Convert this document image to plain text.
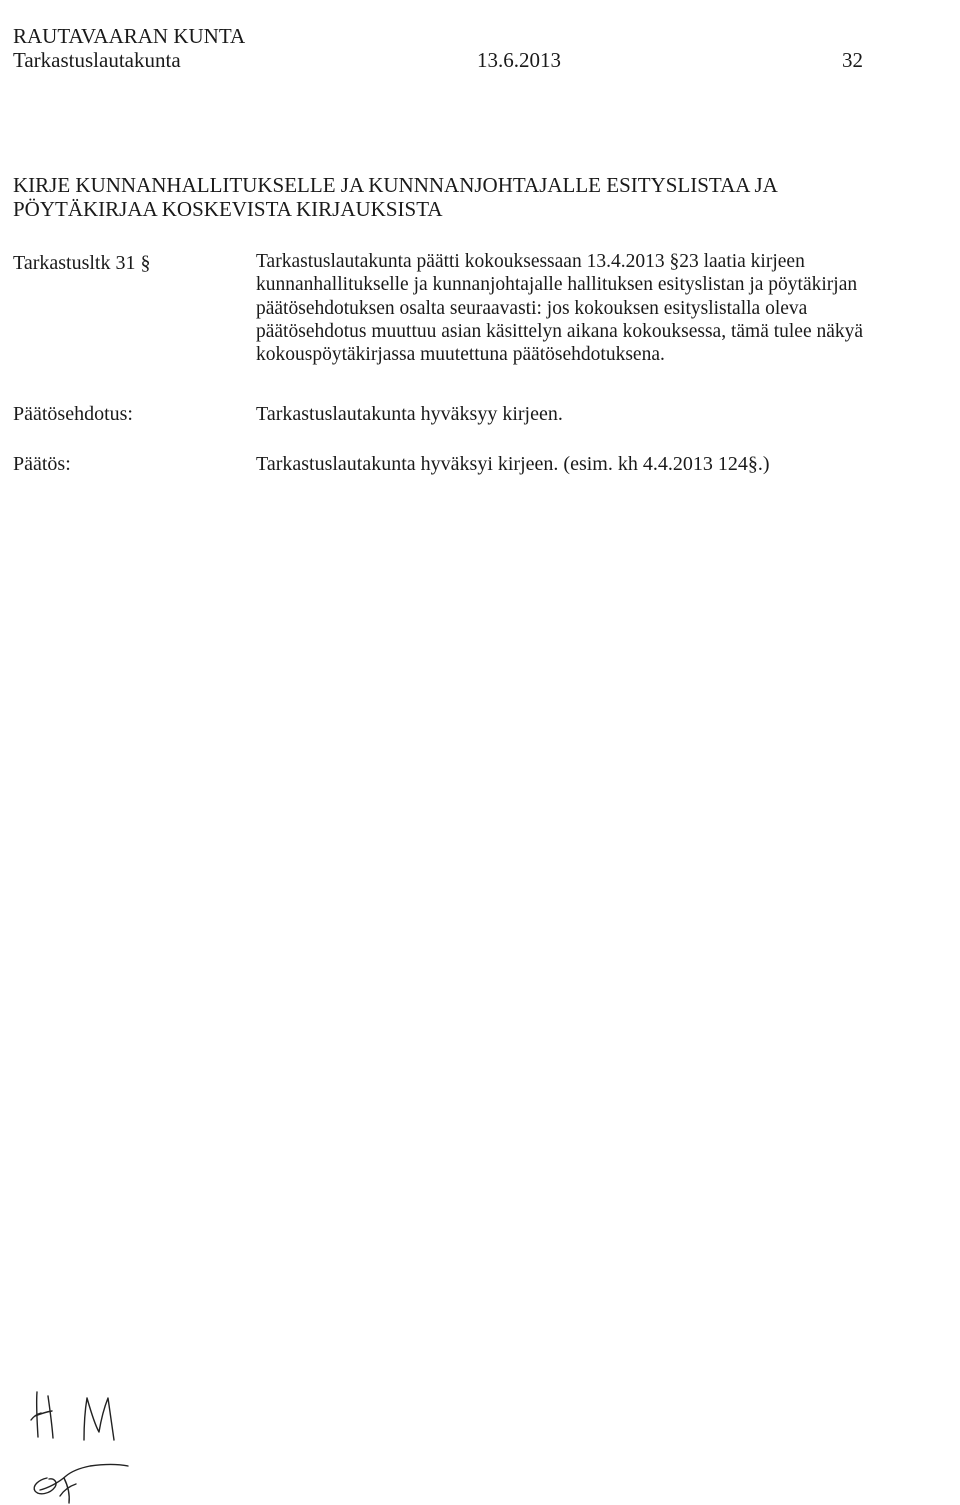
RAUTAVAARAN KUNTA
Tarkastuslautakunta	13.6.2013	32
KIRJE KUNNANHALLITUKSELLE JA KUNNNANJOHTAJALLE ESITYSLISTAA JA
PÖYTÄKIRJAA KOSKEVISTA KIRJAUKSISTA
Tarkastusltk 31 §	Tarkastuslautakunta päätti kokouksessaan 13.4.2013 §23 laatia kirjeen
kunnanhallitukselle ja kunnanjohtajalle hallituksen esityslistan ja pöytäkirjan
päätösehdotuksen osalta seuraavasti: jos kokouksen esityslistalla oleva
päätösehdotus muuttuu asian käsittelyn aikana kokouksessa, tämä tulee näkyä
kokouspöytäkirjassa muutettuna päätösehdotuksena.
Päätösehdotus:	Tarkastuslautakunta hyväksyy kirjeen.
Päätös:	Tarkastuslautakunta hyväksyi kirjeen. (esim. kh 4.4.2013 124§.)
